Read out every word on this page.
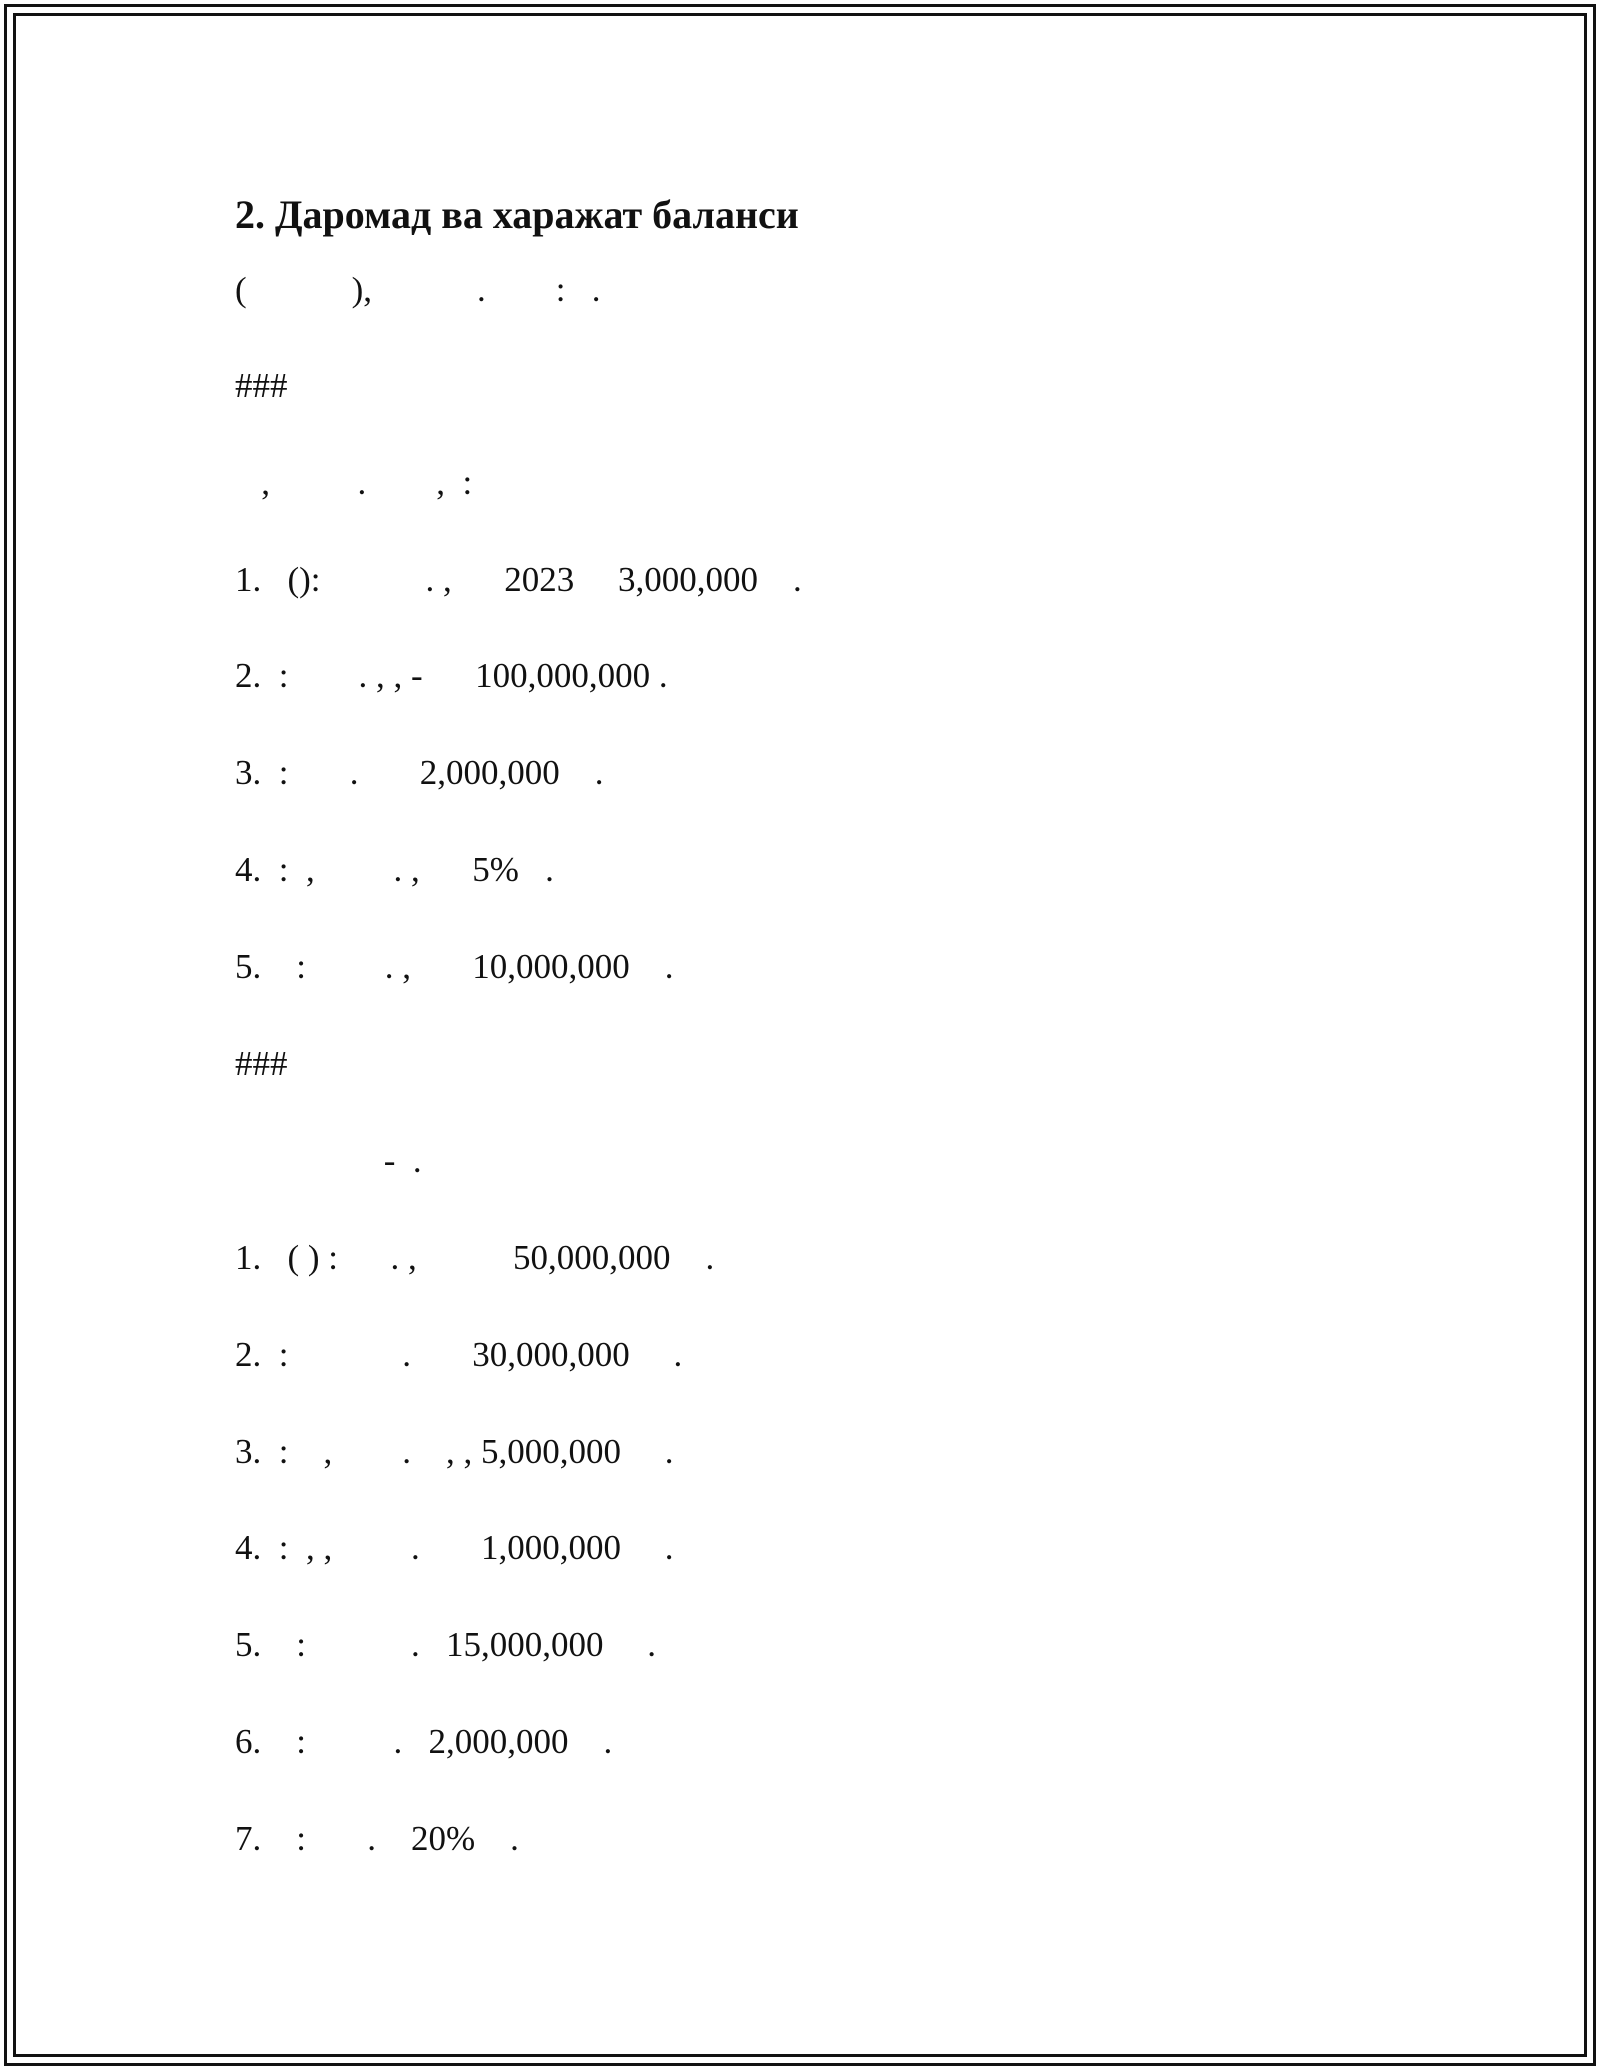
2. Даромад ва харажат баланси

(            ),            .        :   .

###

,          .        ,  :

1.   ():            . ,      2023     3,000,000    .

2.  :        . , , -      100,000,000 .

3.  :       .       2,000,000    .

4.  :  ,         . ,      5%   .

5.    :         . ,       10,000,000    .

###

-  .

1.   ( ) :      . ,           50,000,000    .

2.  :             .       30,000,000     .

3.  :    ,        .    , , 5,000,000     .

4.  :  , ,         .       1,000,000     .

5.    :            .   15,000,000     .

6.    :          .   2,000,000    .

7.    :       .    20%    .
